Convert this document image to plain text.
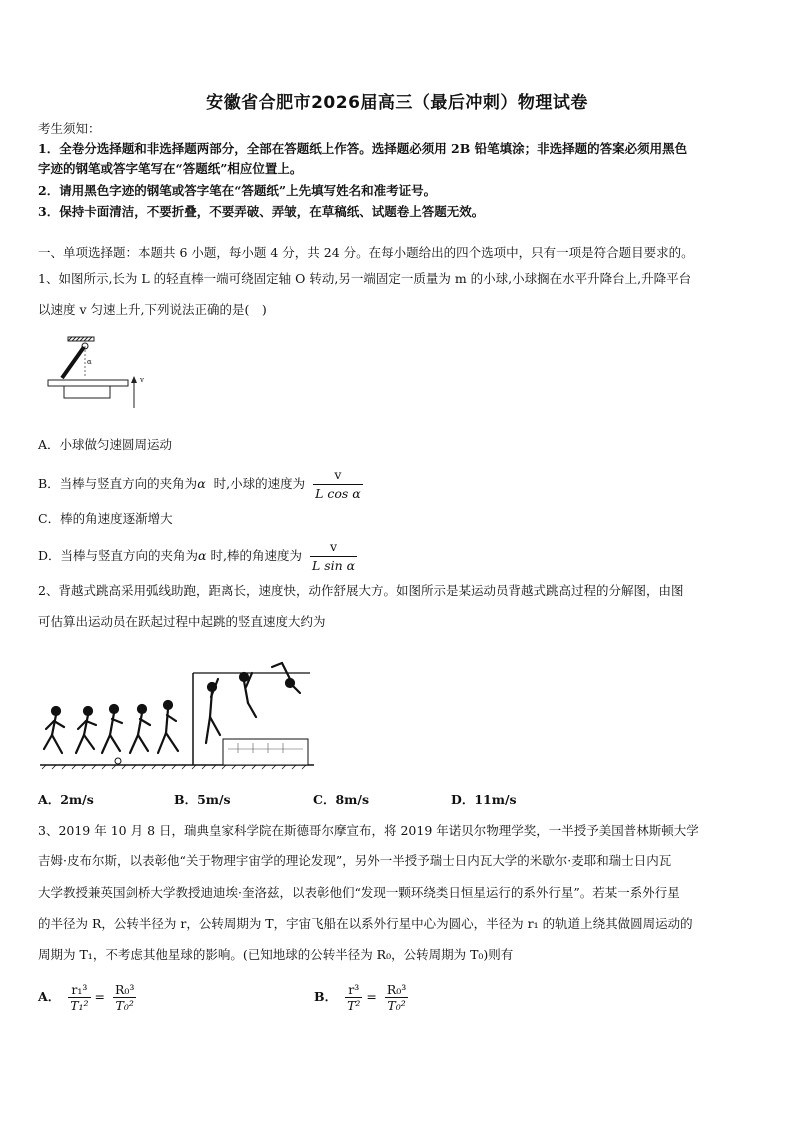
安徽省合肥市2026届高三（最后冲刺）物理试卷
考生须知：
1．全卷分选择题和非选择题两部分，全部在答题纸上作答。选择题必须用 2B 铅笔填涂；非选择题的答案必须用黑色
字迹的钢笔或答字笔写在“答题纸”相应位置上。
2．请用黑色字迹的钢笔或答字笔在“答题纸”上先填写姓名和准考证号。
3．保持卡面清洁，不要折叠，不要弄破、弄皱，在草稿纸、试题卷上答题无效。
一、单项选择题：本题共 6 小题，每小题 4 分，共 24 分。在每小题给出的四个选项中，只有一项是符合题目要求的。
1、如图所示,长为 L 的轻直棒一端可绕固定轴 O 转动,另一端固定一质量为 m 的小球,小球搁在水平升降台上,升降平台
以速度 v 匀速上升,下列说法正确的是(　)
α
v
A．小球做匀速圆周运动
B．当棒与竖直方向的夹角为α 时,小球的速度为 $\frac{v}{\text{L cos α}}$
C．棒的角速度逐渐增大
D．当棒与竖直方向的夹角为α 时,棒的角速度为 $\frac{v}{\text{L sin α}}$
2、背越式跳高采用弧线助跑，距离长，速度快，动作舒展大方。如图所示是某运动员背越式跳高过程的分解图，由图
可估算出运动员在跃起过程中起跳的竖直速度大约为
A．2m/s	B．5m/s	C．8m/s	D．11m/s
3、2019 年 10 月 8 日，瑞典皇家科学院在斯德哥尔摩宣布，将 2019 年诺贝尔物理学奖，一半授予美国普林斯顿大学
吉姆·皮布尔斯，以表彰他“关于物理宇宙学的理论发现”，另外一半授予瑞士日内瓦大学的米歇尔·麦耶和瑞士日内瓦
大学教授兼英国剑桥大学教授迪迪埃·奎洛兹，以表彰他们“发现一颗环绕类日恒星运行的系外行星”。若某一系外行星
的半径为 R，公转半径为 r，公转周期为 T，宇宙飞船在以系外行星中心为圆心，半径为 r₁ 的轨道上绕其做圆周运动的
周期为 T₁，不考虑其他星球的影响。(已知地球的公转半径为 R₀，公转周期为 T₀)则有
A． $\frac{\text{r₁³}}{\text{T₁²}} = \frac{\text{R₀³}}{\text{T₀²}}$	B． $\frac{\text{r³}}{\text{T²}} = \frac{\text{R₀³}}{\text{T₀²}}$
